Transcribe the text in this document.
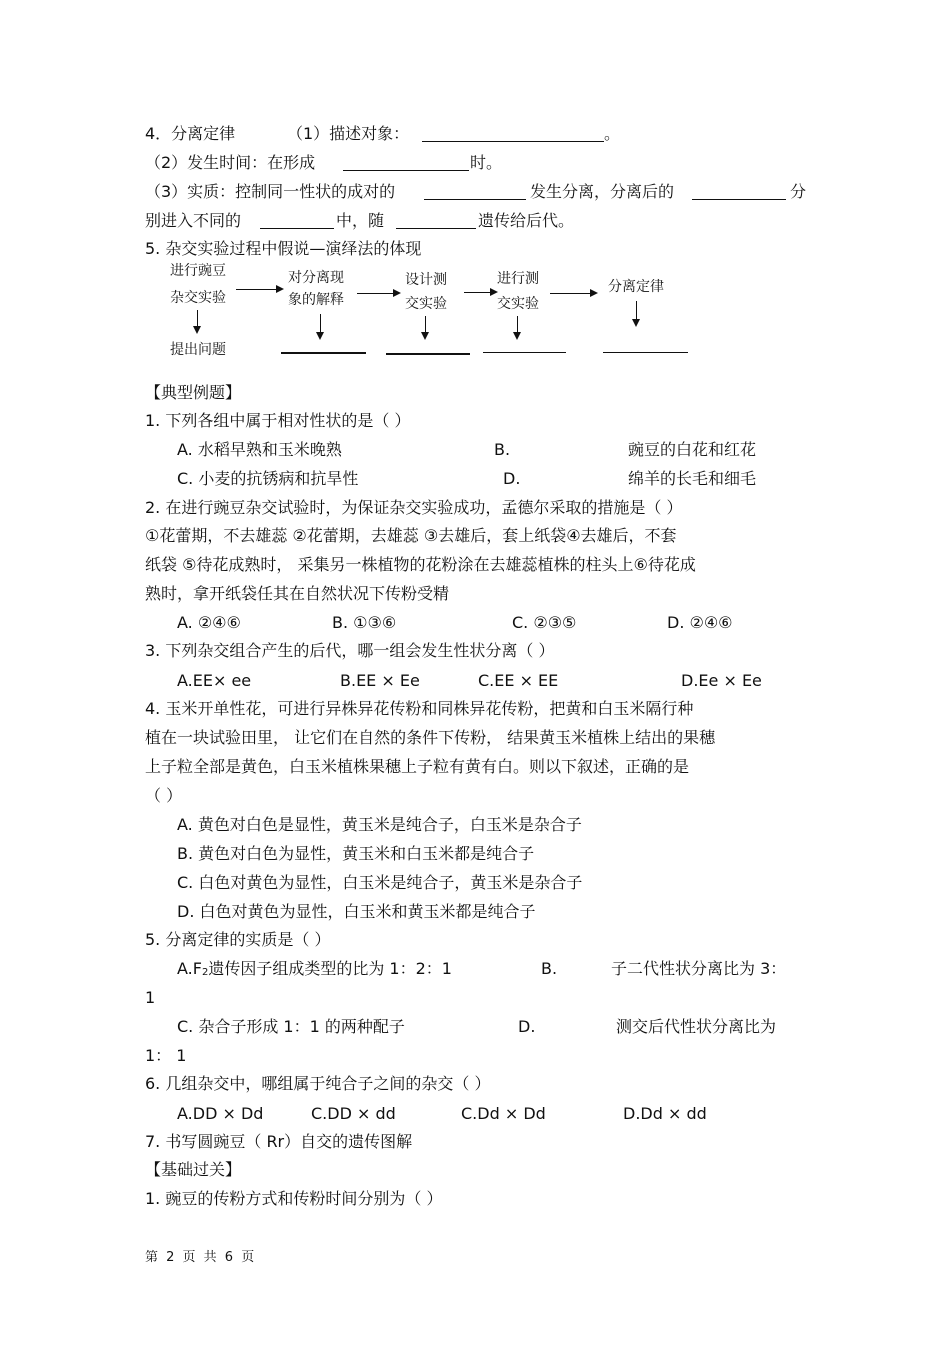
4．分离定律	（1）描述对象：	。
（2）发生时间：在形成	时。
（3）实质：控制同一性状的成对的	发生分离，分离后的	分
别进入不同的	中，随	遗传给后代。
5. 杂交实验过程中假说—演绎法的体现
进行豌豆
杂交实验
提出问题
对分离现
象的解释
设计测
交实验
进行测
交实验
分离定律
【典型例题】
1. 下列各组中属于相对性状的是（ ）
A. 水稻早熟和玉米晚熟	B.	豌豆的白花和红花
C. 小麦的抗锈病和抗旱性	D.	绵羊的长毛和细毛
2. 在进行豌豆杂交试验时，为保证杂交实验成功，孟德尔采取的措施是（ ）
①花蕾期，不去雄蕊 ②花蕾期，去雄蕊 ③去雄后，套上纸袋④去雄后，不套
纸袋 ⑤待花成熟时， 采集另一株植物的花粉涂在去雄蕊植株的柱头上⑥待花成
熟时，拿开纸袋任其在自然状况下传粉受精
A. ②④⑥	B. ①③⑥	C. ②③⑤	D. ②④⑥
3. 下列杂交组合产生的后代，哪一组会发生性状分离（ ）
A.EE× ee	B.EE × Ee	C.EE × EE	D.Ee × Ee
4. 玉米开单性花，可进行异株异花传粉和同株异花传粉，把黄和白玉米隔行种
植在一块试验田里， 让它们在自然的条件下传粉， 结果黄玉米植株上结出的果穗
上子粒全部是黄色，白玉米植株果穗上子粒有黄有白。则以下叙述，正确的是
（ ）
A. 黄色对白色是显性，黄玉米是纯合子，白玉米是杂合子
B. 黄色对白色为显性，黄玉米和白玉米都是纯合子
C. 白色对黄色为显性，白玉米是纯合子，黄玉米是杂合子
D. 白色对黄色为显性，白玉米和黄玉米都是纯合子
5. 分离定律的实质是（ ）
$A.F_2$遗传因子组成类型的比为 1：2：1	B.	子二代性状分离比为 3：
1
C. 杂合子形成 1：1 的两种配子	D.	测交后代性状分离比为
1： 1
6. 几组杂交中，哪组属于纯合子之间的杂交（ ）
A.DD × Dd	C.DD × dd	C.Dd × Dd	D.Dd × dd
7. 书写圆豌豆（ Rr）自交的遗传图解
【基础过关】
1. 豌豆的传粉方式和传粉时间分别为（ ）
第 2 页 共 6 页
